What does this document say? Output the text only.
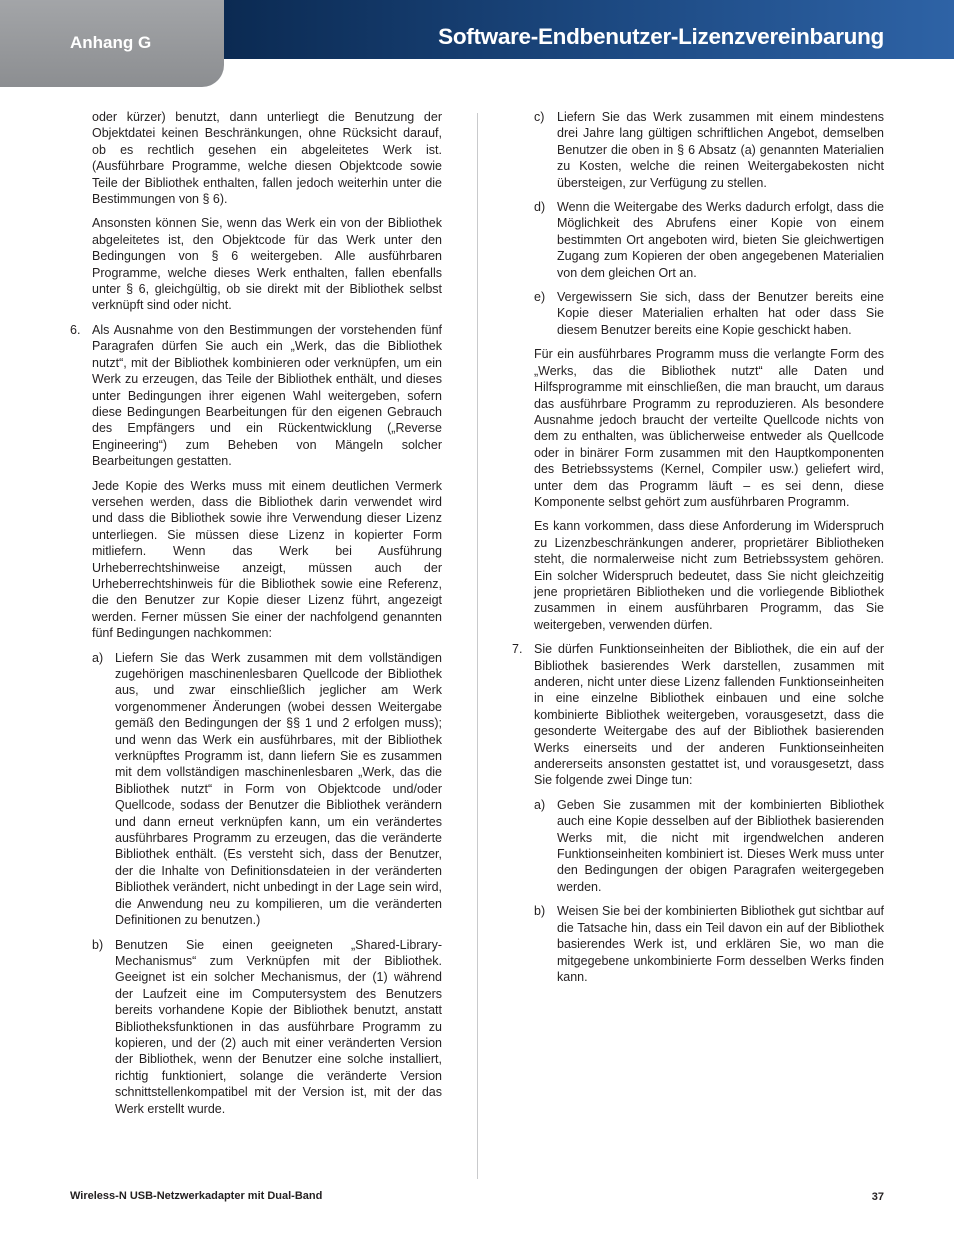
Anhang G	Software-Endbenutzer-Lizenzvereinbarung

oder kürzer) benutzt, dann unterliegt die Benutzung der Objektdatei keinen Beschränkungen, ohne Rücksicht darauf, ob es rechtlich gesehen ein abgeleitetes Werk ist. (Ausführbare Programme, welche diesen Objektcode sowie Teile der Bibliothek enthalten, fallen jedoch weiterhin unter die Bestimmungen von § 6).

Ansonsten können Sie, wenn das Werk ein von der Bibliothek abgeleitetes ist, den Objektcode für das Werk unter den Bedingungen von § 6 weitergeben. Alle ausführbaren Programme, welche dieses Werk enthalten, fallen ebenfalls unter § 6, gleichgültig, ob sie direkt mit der Bibliothek selbst verknüpft sind oder nicht.

6. Als Ausnahme von den Bestimmungen der vorstehenden fünf Paragrafen dürfen Sie auch ein „Werk, das die Bibliothek nutzt“, mit der Bibliothek kombinieren oder verknüpfen, um ein Werk zu erzeugen, das Teile der Bibliothek enthält, und dieses unter Bedingungen ihrer eigenen Wahl weitergeben, sofern diese Bedingungen Bearbeitungen für den eigenen Gebrauch des Empfängers und ein Rückentwicklung („Reverse Engineering“) zum Beheben von Mängeln solcher Bearbeitungen gestatten.

Jede Kopie des Werks muss mit einem deutlichen Vermerk versehen werden, dass die Bibliothek darin verwendet wird und dass die Bibliothek sowie ihre Verwendung dieser Lizenz unterliegen. Sie müssen diese Lizenz in kopierter Form mitliefern. Wenn das Werk bei Ausführung Urheberrechtshinweise anzeigt, müssen auch der Urheberrechtshinweis für die Bibliothek sowie eine Referenz, die den Benutzer zur Kopie dieser Lizenz führt, angezeigt werden. Ferner müssen Sie einer der nachfolgend genannten fünf Bedingungen nachkommen:

a) Liefern Sie das Werk zusammen mit dem vollständigen zugehörigen maschinenlesbaren Quellcode der Bibliothek aus, und zwar einschließlich jeglicher am Werk vorgenommener Änderungen (wobei dessen Weitergabe gemäß den Bedingungen der §§ 1 und 2 erfolgen muss); und wenn das Werk ein ausführbares, mit der Bibliothek verknüpftes Programm ist, dann liefern Sie es zusammen mit dem vollständigen maschinenlesbaren „Werk, das die Bibliothek nutzt“ in Form von Objektcode und/oder Quellcode, sodass der Benutzer die Bibliothek verändern und dann erneut verknüpfen kann, um ein verändertes ausführbares Programm zu erzeugen, das die veränderte Bibliothek enthält. (Es versteht sich, dass der Benutzer, der die Inhalte von Definitionsdateien in der veränderten Bibliothek verändert, nicht unbedingt in der Lage sein wird, die Anwendung neu zu kompilieren, um die veränderten Definitionen zu benutzen.)
b) Benutzen Sie einen geeigneten „Shared-Library-Mechanismus“ zum Verknüpfen mit der Bibliothek. Geeignet ist ein solcher Mechanismus, der (1) während der Laufzeit eine im Computersystem des Benutzers bereits vorhandene Kopie der Bibliothek benutzt, anstatt Bibliotheksfunktionen in das ausführbare Programm zu kopieren, und der (2) auch mit einer veränderten Version der Bibliothek, wenn der Benutzer eine solche installiert, richtig funktioniert, solange die veränderte Version schnittstellenkompatibel mit der Version ist, mit der das Werk erstellt wurde.
c)	Liefern Sie das Werk zusammen mit einem mindestens drei Jahre lang gültigen schriftlichen Angebot, demselben Benutzer die oben in § 6 Absatz (a) genannten Materialien zu Kosten, welche die reinen Weitergabekosten nicht übersteigen, zur Verfügung zu stellen.
d) Wenn die Weitergabe des Werks dadurch erfolgt, dass die Möglichkeit des Abrufens einer Kopie von einem bestimmten Ort angeboten wird, bieten Sie gleichwertigen Zugang zum Kopieren der oben angegebenen Materialien von dem gleichen Ort an.
e) Vergewissern Sie sich, dass der Benutzer bereits eine Kopie dieser Materialien erhalten hat oder dass Sie diesem Benutzer bereits eine Kopie geschickt haben.

Für ein ausführbares Programm muss die verlangte Form des „Werks, das die Bibliothek nutzt“ alle Daten und Hilfsprogramme mit einschließen, die man braucht, um daraus das ausführbare Programm zu reproduzieren. Als besondere Ausnahme jedoch braucht der verteilte Quellcode nichts von dem zu enthalten, was üblicherweise entweder als Quellcode oder in binärer Form zusammen mit den Hauptkomponenten des Betriebssystems (Kernel, Compiler usw.) geliefert wird, unter dem das Programm läuft – es sei denn, diese Komponente selbst gehört zum ausführbaren Programm.

Es kann vorkommen, dass diese Anforderung im Widerspruch zu Lizenzbeschränkungen anderer, proprietärer Bibliotheken steht, die normalerweise nicht zum Betriebssystem gehören. Ein solcher Widerspruch bedeutet, dass Sie nicht gleichzeitig jene proprietären Bibliotheken und die vorliegende Bibliothek zusammen in einem ausführbaren Programm, das Sie weitergeben, verwenden dürfen.

7. Sie dürfen Funktionseinheiten der Bibliothek, die ein auf der Bibliothek basierendes Werk darstellen, zusammen mit anderen, nicht unter diese Lizenz fallenden Funktionseinheiten in eine einzelne Bibliothek einbauen und eine solche kombinierte Bibliothek weitergeben, vorausgesetzt, dass die gesonderte Weitergabe des auf der Bibliothek basierenden Werks einerseits und der anderen Funktionseinheiten andererseits ansonsten gestattet ist, und vorausgesetzt, dass Sie folgende zwei Dinge tun:
a) Geben Sie zusammen mit der kombinierten Bibliothek auch eine Kopie desselben auf der Bibliothek basierenden Werks mit, die nicht mit irgendwelchen anderen Funktionseinheiten kombiniert ist. Dieses Werk muss unter den Bedingungen der obigen Paragrafen weitergegeben werden.
b) Weisen Sie bei der kombinierten Bibliothek gut sichtbar auf die Tatsache hin, dass ein Teil davon ein auf der Bibliothek basierendes Werk ist, und erklären Sie, wo man die mitgegebene unkombinierte Form desselben Werks finden kann.
Wireless-N USB-Netzwerkadapter mit Dual-Band	37
